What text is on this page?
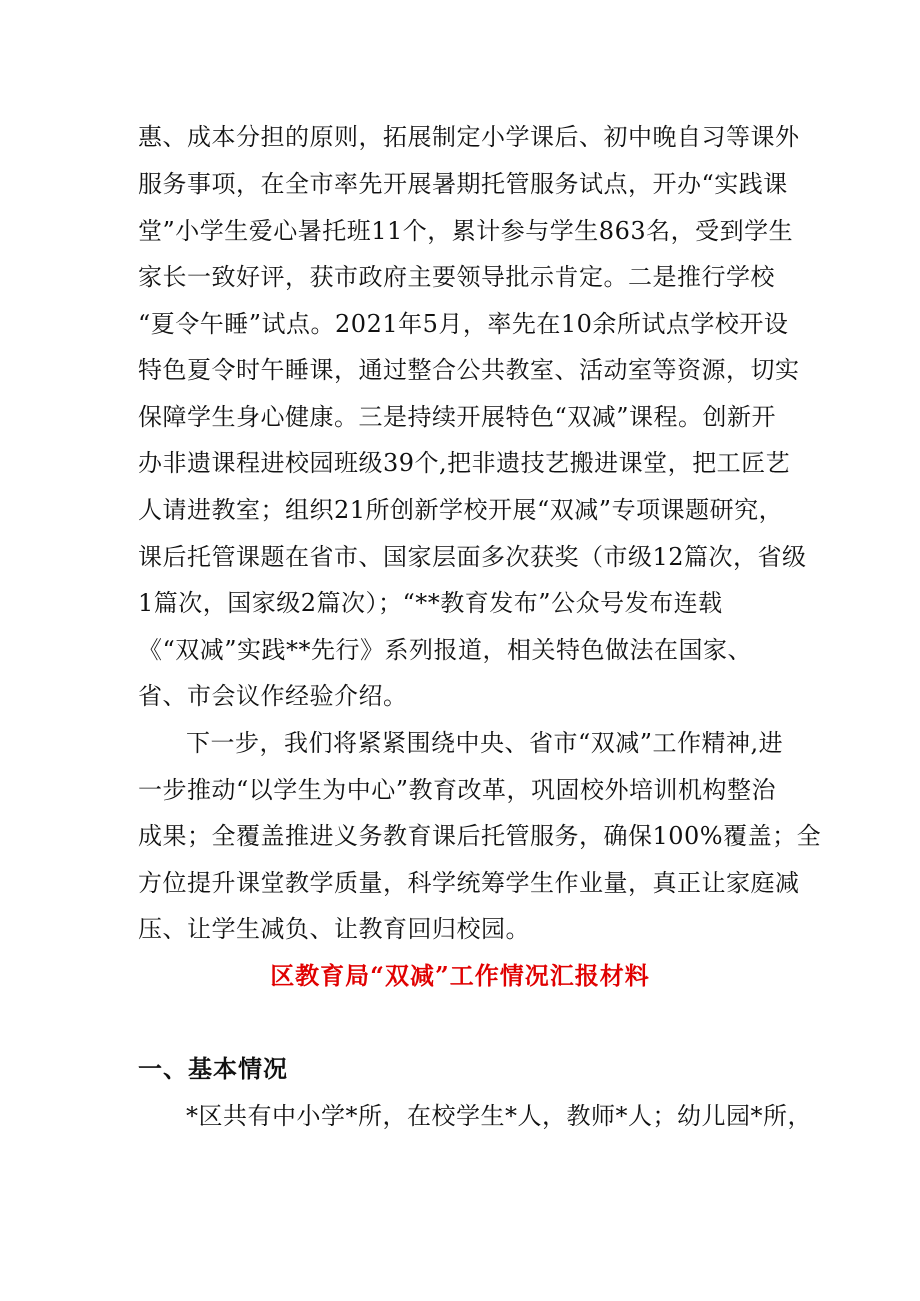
惠、成本分担的原则，拓展制定小学课后、初中晚自习等课外
服务事项，在全市率先开展暑期托管服务试点，开办“实践课
堂”小学生爱心暑托班11个，累计参与学生863名，受到学生
家长一致好评，获市政府主要领导批示肯定。二是推行学校
“夏令午睡”试点。2021年5月，率先在10余所试点学校开设
特色夏令时午睡课，通过整合公共教室、活动室等资源，切实
保障学生身心健康。三是持续开展特色“双减”课程。创新开
办非遗课程进校园班级39个,把非遗技艺搬进课堂，把工匠艺
人请进教室；组织21所创新学校开展“双减”专项课题研究，
课后托管课题在省市、国家层面多次获奖（市级12篇次，省级
1篇次，国家级2篇次）；“**教育发布”公众号发布连载
《“双减”实践**先行》系列报道，相关特色做法在国家、
省、市会议作经验介绍。
下一步，我们将紧紧围绕中央、省市“双减”工作精神,进
一步推动“以学生为中心”教育改革，巩固校外培训机构整治
成果；全覆盖推进义务教育课后托管服务，确保100%覆盖；全
方位提升课堂教学质量，科学统筹学生作业量，真正让家庭减
压、让学生减负、让教育回归校园。
区教育局“双减”工作情况汇报材料
一、基本情况
*区共有中小学*所，在校学生*人，教师*人；幼儿园*所，
